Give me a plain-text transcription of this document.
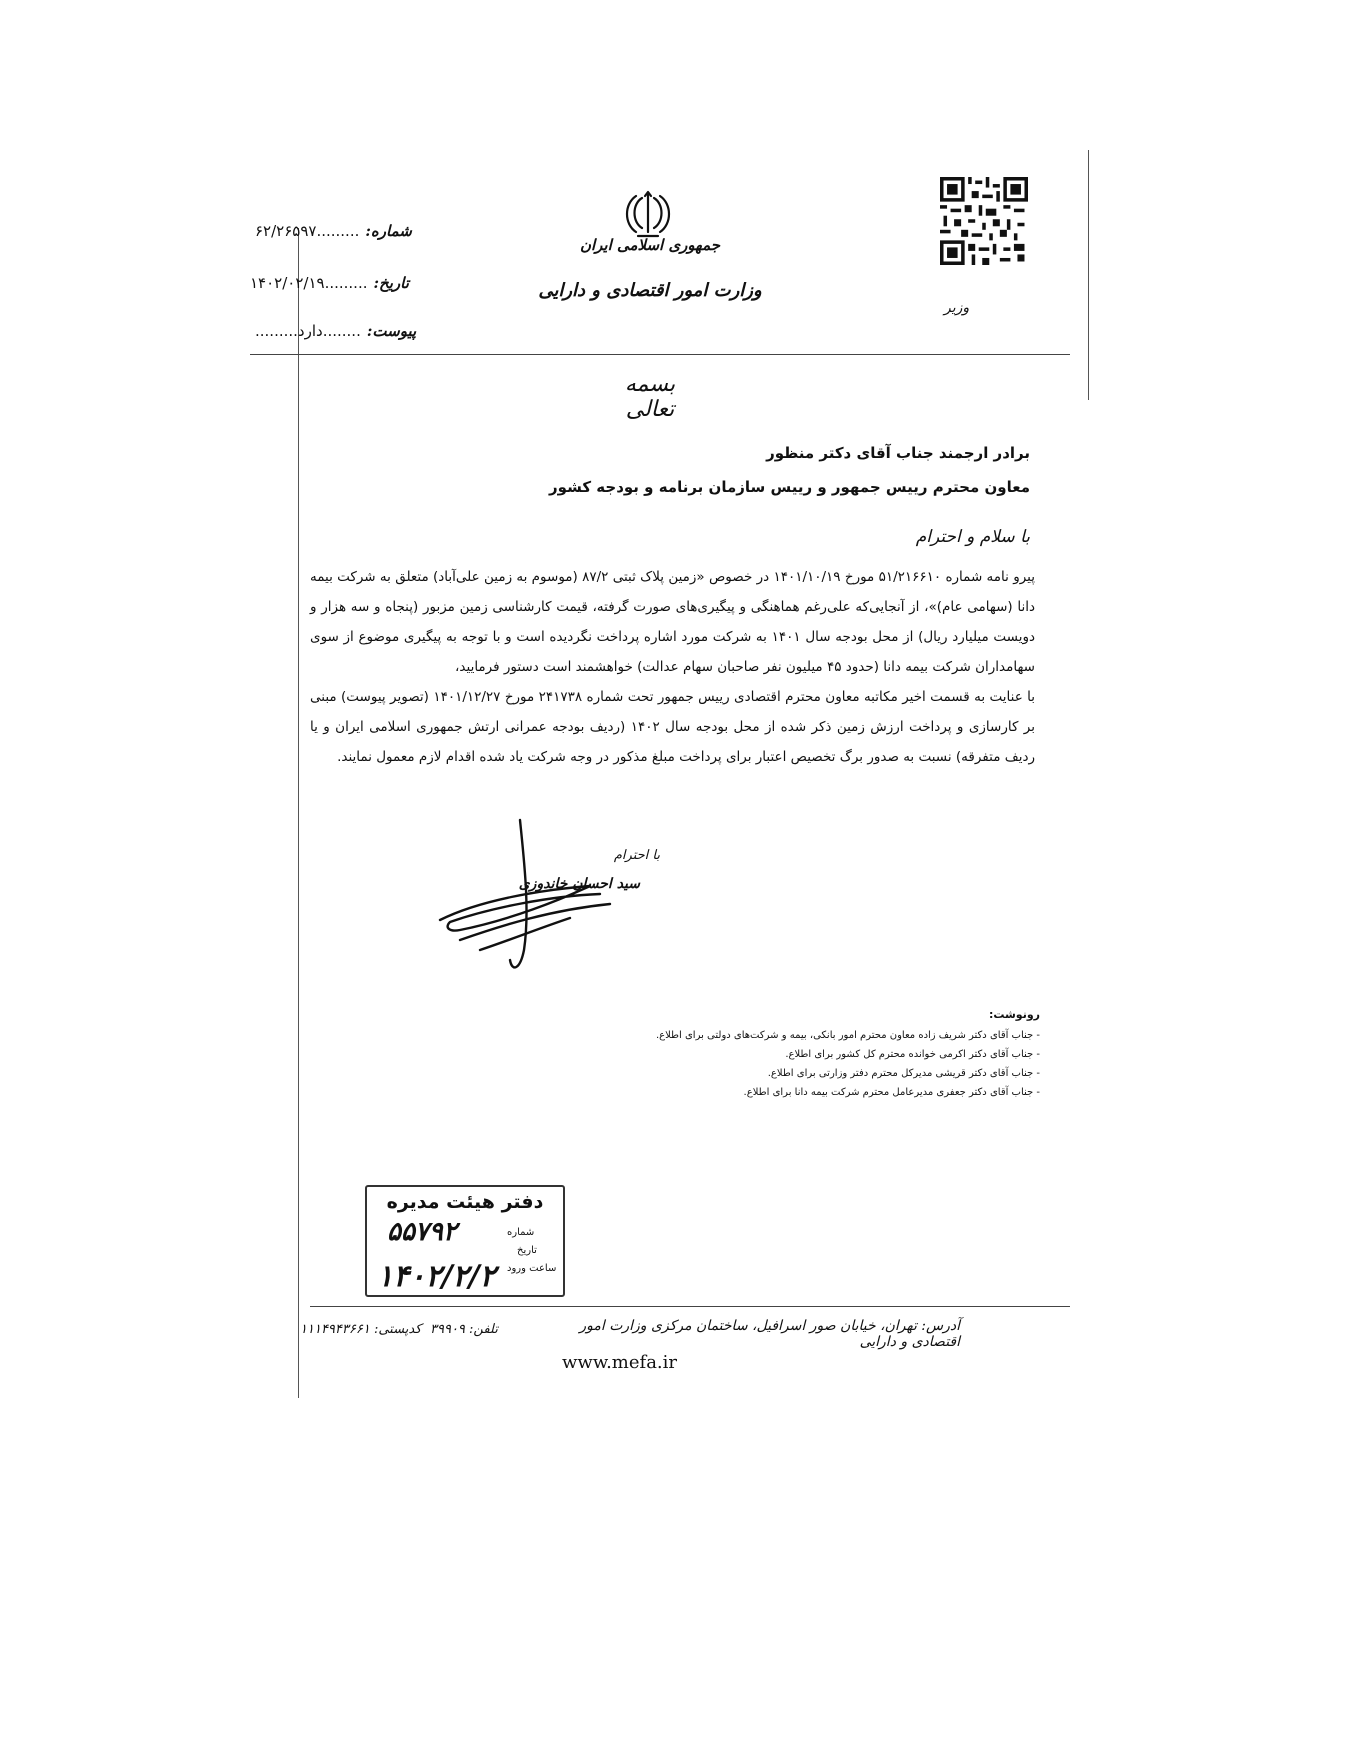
جمهوری اسلامی ایران
وزارت امور اقتصادی و دارایی
وزیر
شماره:.........۶۲/۲۶۵۹۷
تاریخ:.........۱۴۰۲/۰۲/۱۹
پیوست:........دارد.........
بسمه تعالی
برادر ارجمند جناب آقای دکتر منظور
معاون محترم رییس جمهور و رییس سازمان برنامه و بودجه کشور
با سلام و احترام
پیرو نامه شماره ۵۱/۲۱۶۶۱۰ مورخ ۱۴۰۱/۱۰/۱۹ در خصوص «زمین پلاک ثبتی ۸۷/۲ (موسوم به زمین علی‌آباد) متعلق به شرکت بیمه دانا (سهامی عام)»، از آنجایی‌که علی‌رغم هماهنگی و پیگیری‌های صورت گرفته، قیمت کارشناسی زمین مزبور (پنجاه و سه هزار و دویست میلیارد ریال) از محل بودجه سال ۱۴۰۱ به شرکت مورد اشاره پرداخت نگردیده است و با توجه به پیگیری موضوع از سوی سهامداران شرکت بیمه دانا (حدود ۴۵ میلیون نفر صاحبان سهام عدالت) خواهشمند است دستور فرمایید،
با عنایت به قسمت اخیر مکاتبه معاون محترم اقتصادی رییس جمهور تحت شماره ۲۴۱۷۳۸ مورخ ۱۴۰۱/۱۲/۲۷ (تصویر پیوست) مبنی بر کارسازی و پرداخت ارزش زمین ذکر شده از محل بودجه سال ۱۴۰۲ (ردیف بودجه عمرانی ارتش جمهوری اسلامی ایران و یا ردیف متفرقه) نسبت به صدور برگ تخصیص اعتبار برای پرداخت مبلغ مذکور در وجه شرکت یاد شده اقدام لازم معمول نمایند.
با احترام
سید احسان خاندوزی
رونوشت:
- جناب آقای دکتر شریف زاده معاون محترم امور بانکی، بیمه و شرکت‌های دولتی برای اطلاع.
- جناب آقای دکتر اکرمی خوانده محترم کل کشور برای اطلاع.
- جناب آقای دکتر قریشی مدیرکل محترم دفتر وزارتی برای اطلاع.
- جناب آقای دکتر جعفری مدیرعامل محترم شرکت بیمه دانا برای اطلاع.
دفتر هیئت مدیره
شماره
۵۵۷۹۲
تاریخ
ساعت ورود
۱۴۰۲/۲/۲
آدرس: تهران، خیابان صور اسرافیل، ساختمان مرکزی وزارت امور اقتصادی و دارایی
تلفن: ۳۹۹۰۹
کدپستی: ۱۱۱۴۹۴۳۶۶۱
www.mefa.ir
